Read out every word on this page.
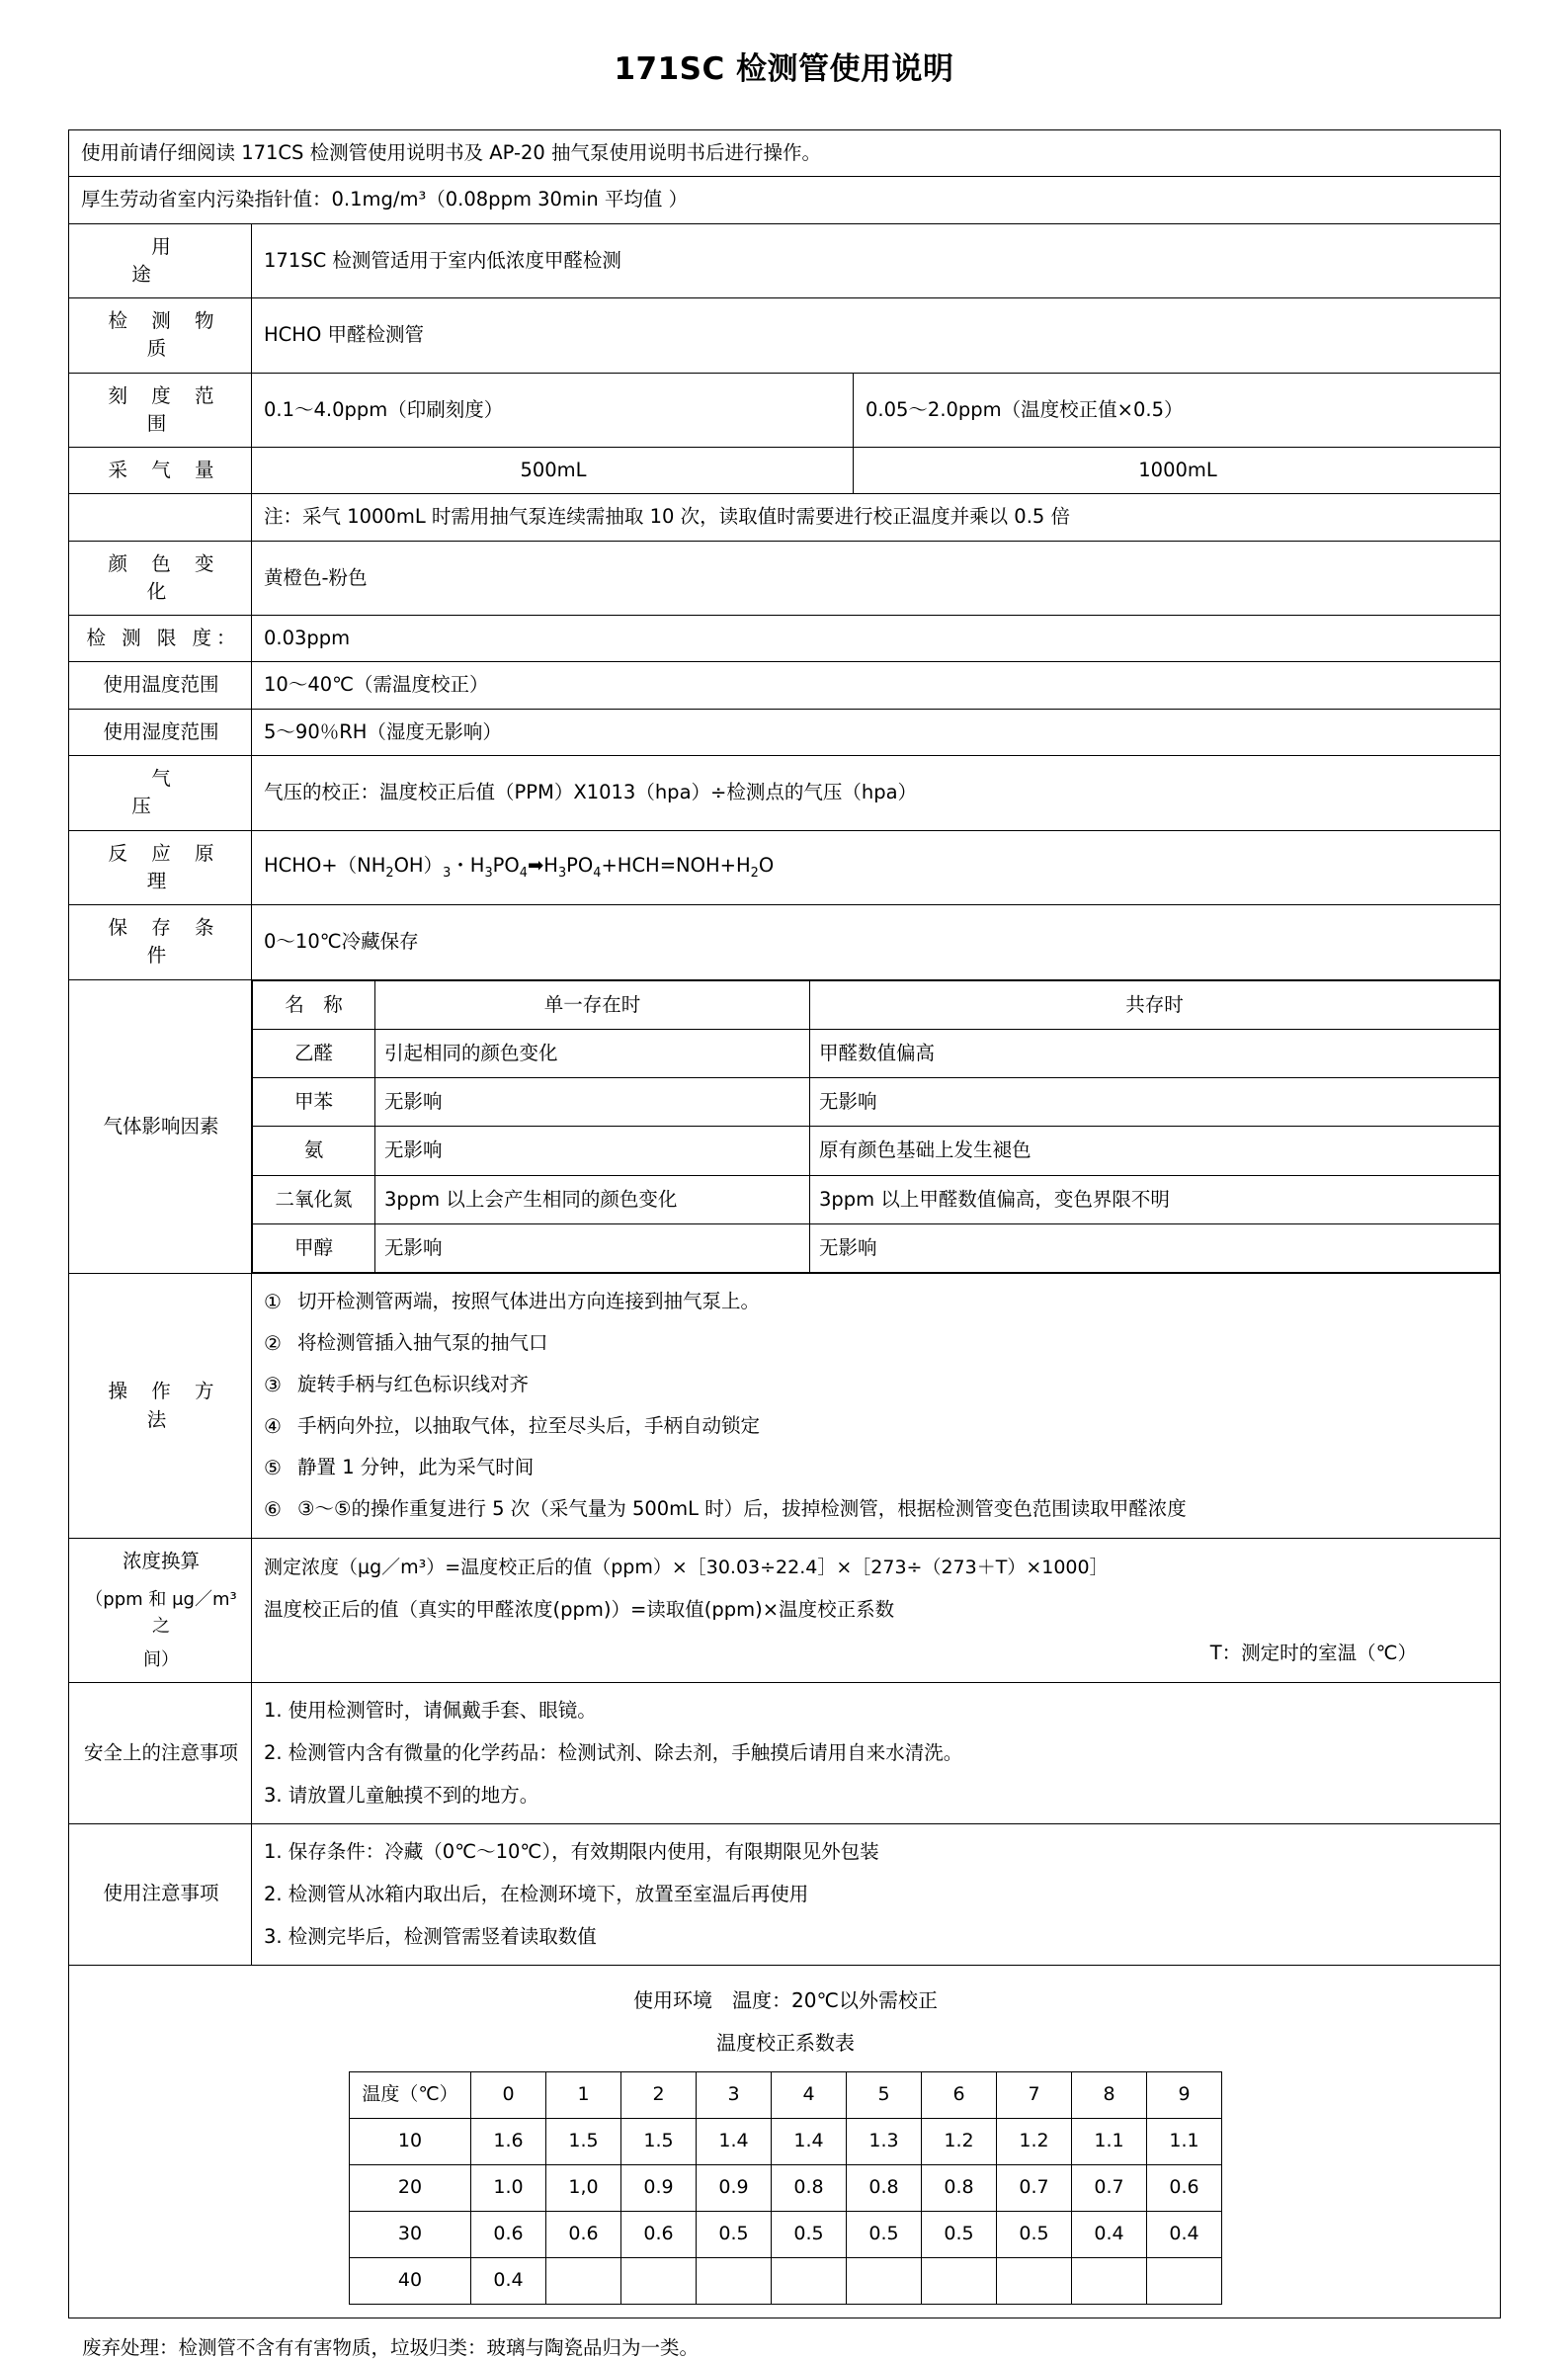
171SC 检测管使用说明
使用前请仔细阅读 171CS 检测管使用说明书及 AP-20 抽气泵使用说明书后进行操作。
厚生劳动省室内污染指针值：0.1mg/m³（0.08ppm 30min 平均值 ）
用　途	171SC 检测管适用于室内低浓度甲醛检测
检 测 物 质	HCHO 甲醛检测管
刻 度 范 围	0.1〜4.0ppm（印刷刻度）	0.05〜2.0ppm（温度校正值×0.5）
采 气 量	500mL	1000mL
	注：采气 1000mL 时需用抽气泵连续需抽取 10 次，读取值时需要进行校正温度并乘以 0.5 倍
颜 色 变 化	黄橙色-粉色
检 测 限 度：	0.03ppm
使用温度范围	10〜40℃（需温度校正）
使用湿度范围	5〜90％RH（湿度无影响）
气　压	气压的校正：温度校正后值（PPM）X1013（hpa）÷检测点的气压（hpa）
反 应 原 理	$HCHO+(NH_2OH)_3$・$H_3PO_4➡H_3PO_4+HCH=NOH+H_2O$
保 存 条 件	0〜10℃冷藏保存
气体影响因素	
名　称	单一存在时	共存时
乙醛	引起相同的颜色变化	甲醛数值偏高
甲苯	无影响	无影响
氨	无影响	原有颜色基础上发生褪色
二氧化氮	3ppm 以上会产生相同的颜色变化	3ppm 以上甲醛数值偏高，变色界限不明
甲醇	无影响	无影响

操 作 方 法	
① 切开检测管两端，按照气体进出方向连接到抽气泵上。
② 将检测管插入抽气泵的抽气口
③ 旋转手柄与红色标识线对齐
④ 手柄向外拉，以抽取气体，拉至尽头后，手柄自动锁定
⑤ 静置 1 分钟，此为采气时间
⑥ ③〜⑤的操作重复进行 5 次（采气量为 500mL 时）后，拔掉检测管，根据检测管变色范围读取甲醛浓度

浓度换算
（ppm 和 μg／m³ 之
间）

测定浓度（μg／m³）=温度校正后的值（ppm）×［30.03÷22.4］×［273÷（273＋T）×1000］
温度校正后的值（真实的甲醛浓度(ppm)）=读取值(ppm)×温度校正系数
T：测定时的室温（℃）

安全上的注意事项	
1. 使用检测管时，请佩戴手套、眼镜。
2. 检测管内含有微量的化学药品：检测试剂、除去剂，手触摸后请用自来水清洗。
3. 请放置儿童触摸不到的地方。

使用注意事项	
1. 保存条件：冷藏（0℃〜10℃），有效期限内使用，有限期限见外包装
2. 检测管从冰箱内取出后，在检测环境下，放置至室温后再使用
3. 检测完毕后，检测管需竖着读取数值

使用环境　温度：20℃以外需校正
温度校正系数表
温度（℃）	0	1	2	3	4	5	6	7	8	9
10	1.6	1.5	1.5	1.4	1.4	1.3	1.2	1.2	1.1	1.1
20	1.0	1,0	0.9	0.9	0.8	0.8	0.8	0.7	0.7	0.6
30	0.6	0.6	0.6	0.5	0.5	0.5	0.5	0.5	0.4	0.4
40	0.4									
废弃处理：检测管不含有有害物质，垃圾归类：玻璃与陶瓷品归为一类。
